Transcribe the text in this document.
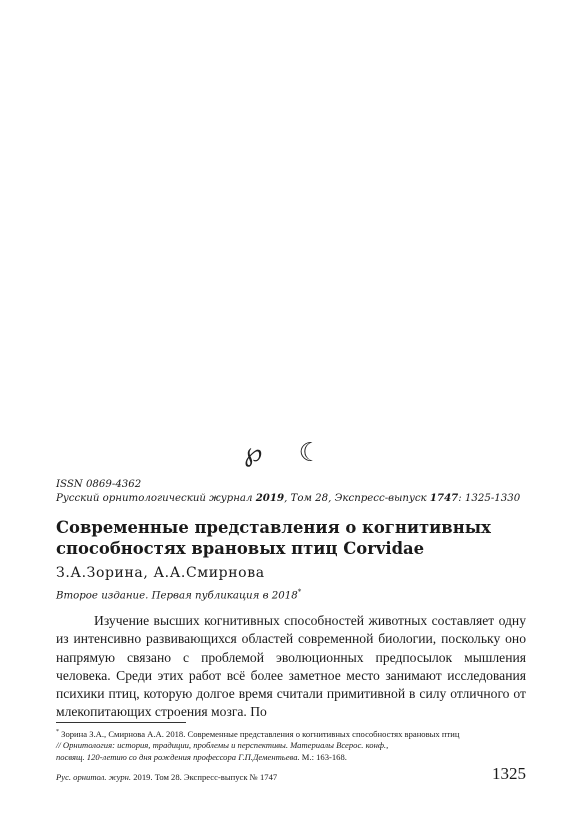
℘ ☾
ISSN 0869-4362
Русский орнитологический журнал 2019, Том 28, Экспресс-выпуск 1747: 1325-1330
Современные представления о когнитивных способностях врановых птиц Corvidae
З.А.Зорина, А.А.Смирнова
Второе издание. Первая публикация в 2018*
Изучение высших когнитивных способностей животных составляет одну из интенсивно развивающихся областей современной биологии, поскольку оно напрямую связано с проблемой эволюционных предпосылок мышления человека. Среди этих работ всё более заметное место занимают исследования психики птиц, которую долгое время считали примитивной в силу отличного от млекопитающих строения мозга. По
* Зорина З.А., Смирнова А.А. 2018. Современные представления о когнитивных способностях врановых птиц
// Орнитология: история, традиции, проблемы и перспективы. Материалы Всерос. конф.,
посвящ. 120-летию со дня рождения профессора Г.П.Дементьева. М.: 163-168.
Рус. орнитол. журн. 2019. Том 28. Экспресс-выпуск № 1747	1325
